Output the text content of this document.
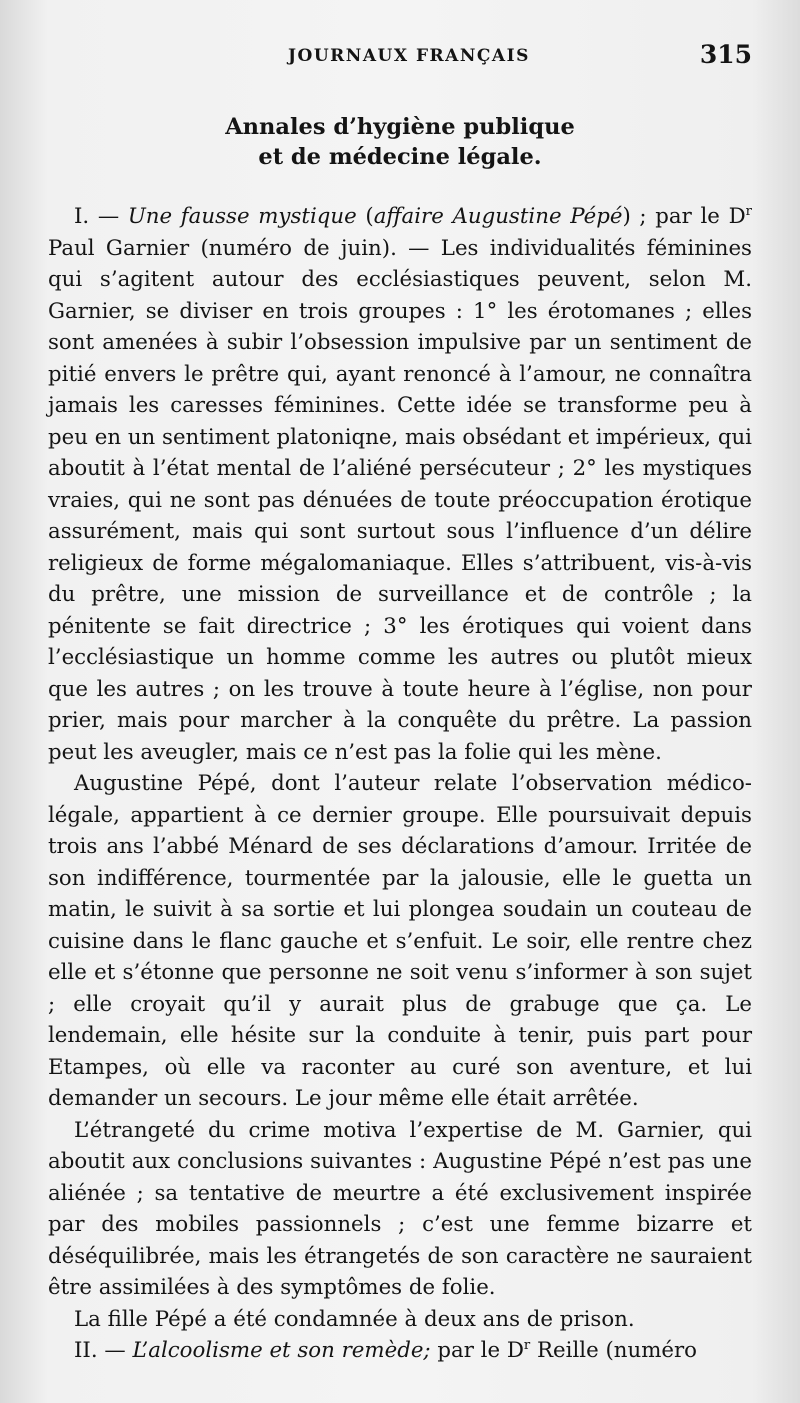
JOURNAUX FRANÇAIS	315
Annales d’hygiène publique
et de médecine légale.

I. — Une fausse mystique (affaire Augustine Pépé) ; par le $D^r$ Paul Garnier (numéro de juin). — Les individualités féminines qui s’agitent autour des ecclésiastiques peuvent, selon M. Garnier, se diviser en trois groupes : 1° les érotomanes ; elles sont amenées à subir l’obsession impulsive par un sentiment de pitié envers le prêtre qui, ayant renoncé à l’amour, ne connaîtra jamais les caresses féminines. Cette idée se transforme peu à peu en un sentiment platoniqne, mais obsédant et impérieux, qui aboutit à l’état mental de l’aliéné persécuteur ; 2° les mystiques vraies, qui ne sont pas dénuées de toute préoccupation érotique assurément, mais qui sont surtout sous l’influence d’un délire religieux de forme mégalomaniaque. Elles s’attribuent, vis-à-vis du prêtre, une mission de surveillance et de contrôle ; la pénitente se fait directrice ; 3° les érotiques qui voient dans l’ecclésiastique un homme comme les autres ou plutôt mieux que les autres ; on les trouve à toute heure à l’église, non pour prier, mais pour marcher à la conquête du prêtre. La passion peut les aveugler, mais ce n’est pas la folie qui les mène.

Augustine Pépé, dont l’auteur relate l’observation médico-légale, appartient à ce dernier groupe. Elle poursuivait depuis trois ans l’abbé Ménard de ses déclarations d’amour. Irritée de son indifférence, tourmentée par la jalousie, elle le guetta un matin, le suivit à sa sortie et lui plongea soudain un couteau de cuisine dans le flanc gauche et s’enfuit. Le soir, elle rentre chez elle et s’étonne que personne ne soit venu s’informer à son sujet ; elle croyait qu’il y aurait plus de grabuge que ça. Le lendemain, elle hésite sur la conduite à tenir, puis part pour Etampes, où elle va raconter au curé son aventure, et lui demander un secours. Le jour même elle était arrêtée.

L’étrangeté du crime motiva l’expertise de M. Garnier, qui aboutit aux conclusions suivantes : Augustine Pépé n’est pas une aliénée ; sa tentative de meurtre a été exclusivement inspirée par des mobiles passionnels ; c’est une femme bizarre et déséquilibrée, mais les étrangetés de son caractère ne sauraient être assimilées à des symptômes de folie.

La fille Pépé a été condamnée à deux ans de prison.

II. — L’alcoolisme et son remède; par le $D^r$ Reille (numéro
